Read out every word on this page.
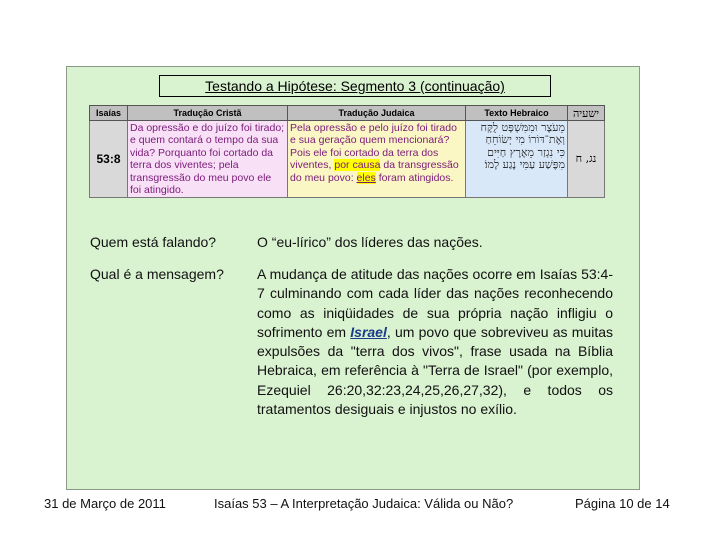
Testando a Hipótese: Segmento 3 (continuação)
Isaías	Tradução Cristã	Tradução Judaica	Texto Hebraico	ישעיה
53:8	Da opressão e do juízo foi tirado; e quem contará o tempo da sua vida? Porquanto foi cortado da terra dos viventes; pela transgressão do meu povo ele foi atingido.	Pela opressão e pelo juízo foi tirado e sua geração quem mencionará? Pois ele foi cortado da terra dos viventes, por causa da transgressão do meu povo: eles foram atingidos.	מֵעֹצֶר וּמִמִּשְׁפָּט לֻקָּח
וְאֶת־דּוֹרוֹ מִי יְשׂוֹחֵחַ
כִּי נִגְזַר מֵאֶרֶץ חַיִּים
מִפֶּשַׁע עַמִּי נֶגַע לָמוֹ׃	נג, ח
Quem está falando?	O “eu-lírico” dos líderes das nações.
Qual é a mensagem? A mudança de atitude das nações ocorre em Isaías 53:4-7 culminando com cada líder das nações reconhecendo como as iniqüidades de sua própria nação infligiu o sofrimento em Israel, um povo que sobreviveu as muitas expulsões da "terra dos vivos", frase usada na Bíblia Hebraica, em referência à "Terra de Israel" (por exemplo, Ezequiel 26:20,32:23,24,25,26,27,32), e todos os tratamentos desiguais e injustos no exílio.
31 de Março de 2011	Isaías 53 – A Interpretação Judaica: Válida ou Não?	Página 10 de 14
